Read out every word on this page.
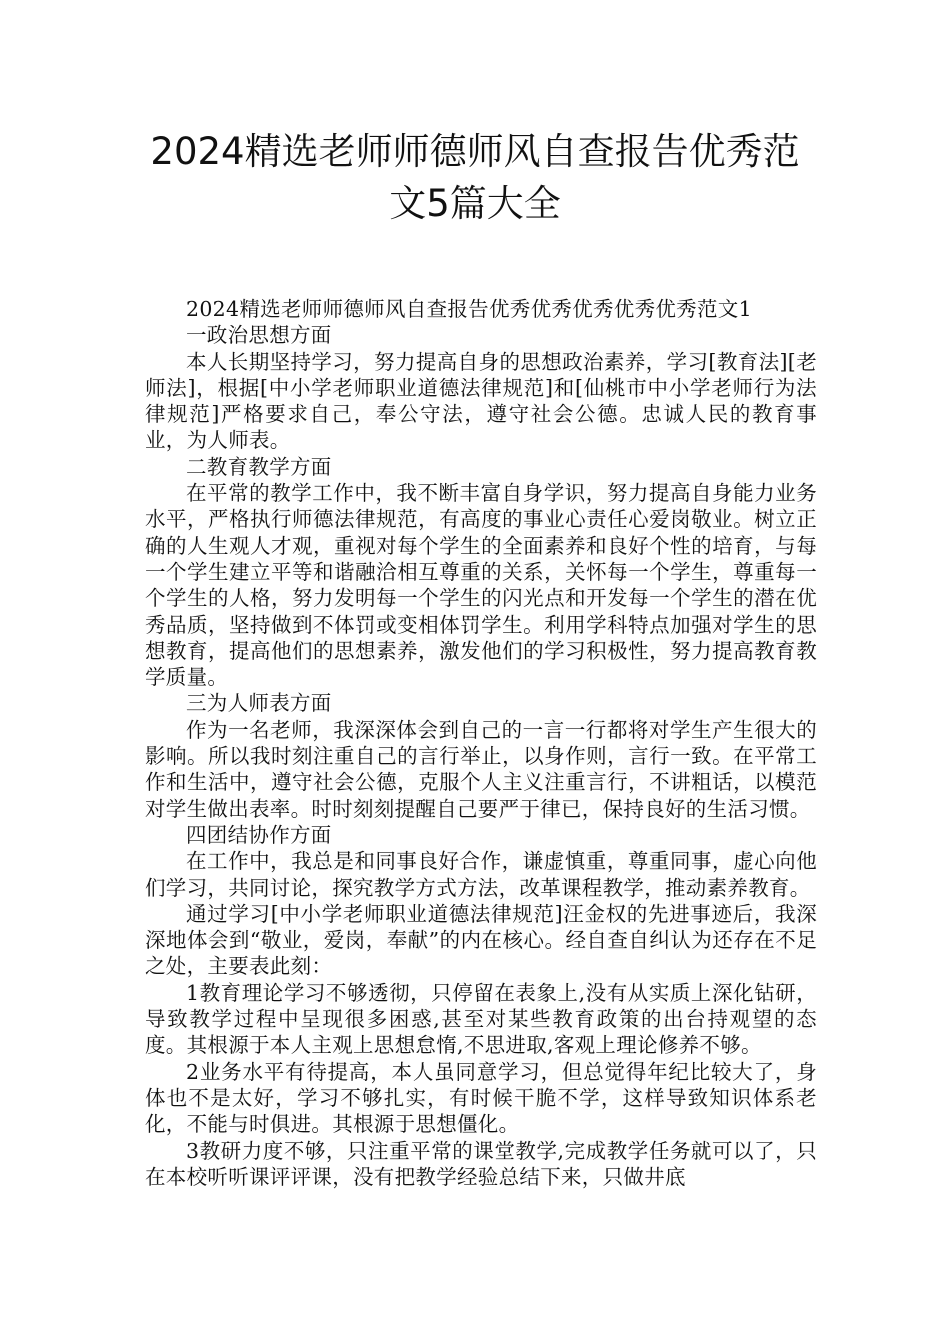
2024精选老师师德师风自查报告优秀范
文5篇大全

2024精选老师师德师风自查报告优秀优秀优秀优秀优秀范文1

一政治思想方面

本人长期坚持学习，努力提高自身的思想政治素养，学习[教育法][老师法]，根据[中小学老师职业道德法律规范]和[仙桃市中小学老师行为法律规范]严格要求自己，奉公守法，遵守社会公德。忠诚人民的教育事业，为人师表。

二教育教学方面

在平常的教学工作中，我不断丰富自身学识，努力提高自身能力业务水平，严格执行师德法律规范，有高度的事业心责任心爱岗敬业。树立正确的人生观人才观，重视对每个学生的全面素养和良好个性的培育，与每一个学生建立平等和谐融洽相互尊重的关系，关怀每一个学生，尊重每一个学生的人格，努力发明每一个学生的闪光点和开发每一个学生的潜在优秀品质，坚持做到不体罚或变相体罚学生。利用学科特点加强对学生的思想教育，提高他们的思想素养，激发他们的学习积极性，努力提高教育教学质量。

三为人师表方面

作为一名老师，我深深体会到自己的一言一行都将对学生产生很大的影响。所以我时刻注重自己的言行举止，以身作则，言行一致。在平常工作和生活中，遵守社会公德，克服个人主义注重言行，不讲粗话，以模范对学生做出表率。时时刻刻提醒自己要严于律已，保持良好的生活习惯。

四团结协作方面

在工作中，我总是和同事良好合作，谦虚慎重，尊重同事，虚心向他们学习，共同讨论，探究教学方式方法，改革课程教学，推动素养教育。

通过学习[中小学老师职业道德法律规范]汪金权的先进事迹后，我深深地体会到“敬业，爱岗，奉献”的内在核心。经自查自纠认为还存在不足之处，主要表此刻：

1教育理论学习不够透彻，只停留在表象上,没有从实质上深化钻研，导致教学过程中呈现很多困惑,甚至对某些教育政策的出台持观望的态度。其根源于本人主观上思想怠惰,不思进取,客观上理论修养不够。

2业务水平有待提高，本人虽同意学习，但总觉得年纪比较大了，身体也不是太好，学习不够扎实，有时候干脆不学，这样导致知识体系老化，不能与时俱进。其根源于思想僵化。

3教研力度不够，只注重平常的课堂教学,完成教学任务就可以了，只在本校听听课评评课，没有把教学经验总结下来，只做井底
